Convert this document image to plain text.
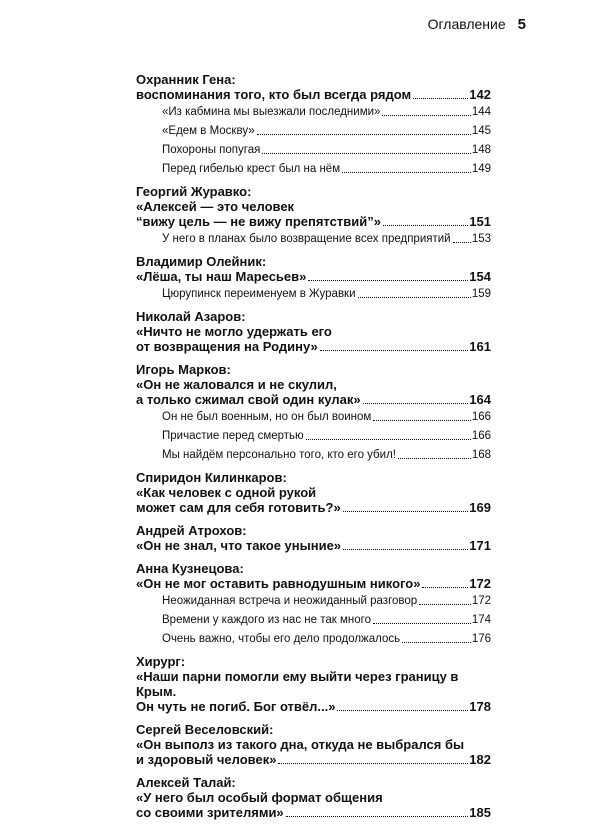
Оглавление 5
Охранник Гена:
воспоминания того, кто был всегда рядом	142
«Из кабмина мы выезжали последними»	144
«Едем в Москву»	145
Похороны попугая	148
Перед гибелью крест был на нём	149
Георгий Журавко:
«Алексей — это человек
“вижу цель — не вижу препятствий”»	151
У него в планах было возвращение всех предприятий 153
Владимир Олейник:
«Лёша, ты наш Маресьев»	154
Цюрупинск переименуем в Журавки	159
Николай Азаров:
«Ничто не могло удержать его
от возвращения на Родину»	161
Игорь Марков:
«Он не жаловался и не скулил,
а только сжимал свой один кулак»	164
Он не был военным, но он был воином	166
Причастие перед смертью	166
Мы найдём персонально того, кто его убил!	168
Спиридон Килинкаров:
«Как человек с одной рукой
может сам для себя готовить?»	169
Андрей Атрохов:
«Он не знал, что такое уныние»	171
Анна Кузнецова:
«Он не мог оставить равнодушным никого»	172
Неожиданная встреча и неожиданный разговор	172
Времени у каждого из нас не так много	174
Очень важно, чтобы его дело продолжалось	176
Хирург:
«Наши парни помогли ему выйти через границу в Крым.
Он чуть не погиб. Бог отвёл...»	178
Сергей Веселовский:
«Он выполз из такого дна, откуда не выбрался бы
и здоровый человек»	182
Алексей Талай:
«У него был особый формат общения
со своими зрителями»	185
